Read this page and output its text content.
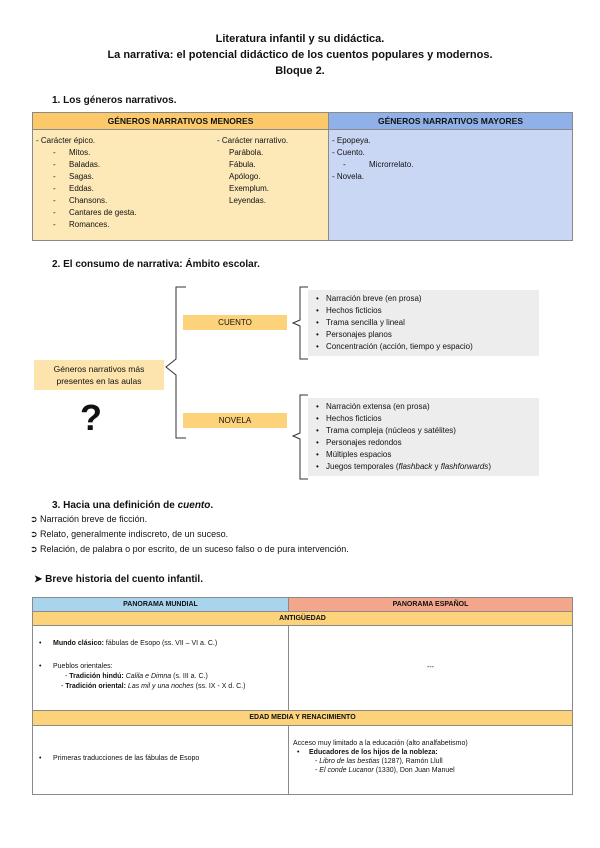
Literatura infantil y su didáctica.
La narrativa: el potencial didáctico de los cuentos populares y modernos.
Bloque 2.
1. Los géneros narrativos.
GÉNEROS NARRATIVOS MENORES
- Carácter épico.
- Mitos.
- Baladas.
- Sagas.
- Eddas.
- Chansons.
- Cantares de gesta.
- Romances.
- Carácter narrativo.
Parábola.
Fábula.
Apólogo.
Exemplum.
Leyendas.
GÉNEROS NARRATIVOS MAYORES
- Epopeya.
- Cuento.
-	Microrrelato.
- Novela.
2. El consumo de narrativa: Ámbito escolar.
Géneros narrativos más presentes en las aulas
?
CUENTO
NOVELA
• Narración breve (en prosa)
• Hechos ficticios
• Trama sencilla y lineal
• Personajes planos
• Concentración (acción, tiempo y espacio)
• Narración extensa (en prosa)
• Hechos ficticios
• Trama compleja (núcleos y satélites)
• Personajes redondos
• Múltiples espacios
• Juegos temporales (flashback y flashforwards)
3. Hacia una definición de cuento.
➲ Narración breve de ficción.
➲ Relato, generalmente indiscreto, de un suceso.
➲ Relación, de palabra o por escrito, de un suceso falso o de pura intervención.
➤ Breve historia del cuento infantil.
PANORAMA MUNDIAL	PANORAMA ESPAÑOL
ANTIGÜEDAD
• Mundo clásico: fábulas de Esopo (ss. VII – VI a. C.)
• Pueblos orientales:
- Tradición hindú: Calila e Dimna (s. III a. C.)
- Tradición oriental: Las mil y una noches (ss. IX - X d. C.)
---
EDAD MEDIA Y RENACIMIENTO
• Primeras traducciones de las fábulas de Esopo
Acceso muy limitado a la educación (alto analfabetismo)
• Educadores de los hijos de la nobleza:
- Libro de las bestias (1287), Ramón Llull
- El conde Lucanor (1330), Don Juan Manuel
